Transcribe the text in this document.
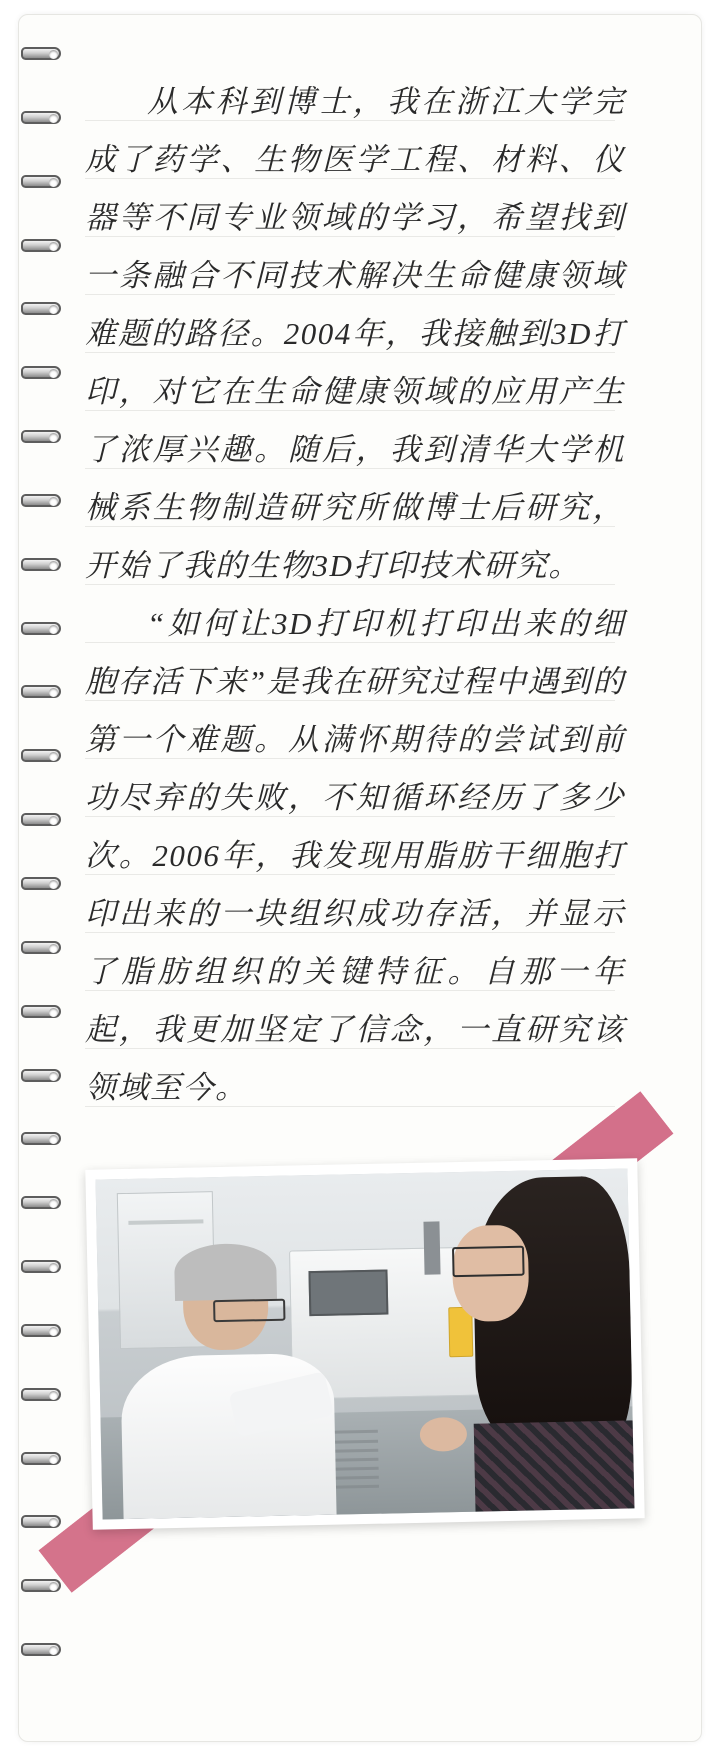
从本科到博士，我在浙江大学完成了药学、生物医学工程、材料、仪器等不同专业领域的学习，希望找到一条融合不同技术解决生命健康领域难题的路径。2004年，我接触到3D打印，对它在生命健康领域的应用产生了浓厚兴趣。随后，我到清华大学机械系生物制造研究所做博士后研究，开始了我的生物3D打印技术研究。

“如何让3D打印机打印出来的细胞存活下来”是我在研究过程中遇到的第一个难题。从满怀期待的尝试到前功尽弃的失败，不知循环经历了多少次。2006年，我发现用脂肪干细胞打印出来的一块组织成功存活，并显示了脂肪组织的关键特征。自那一年起，我更加坚定了信念，一直研究该领域至今。
